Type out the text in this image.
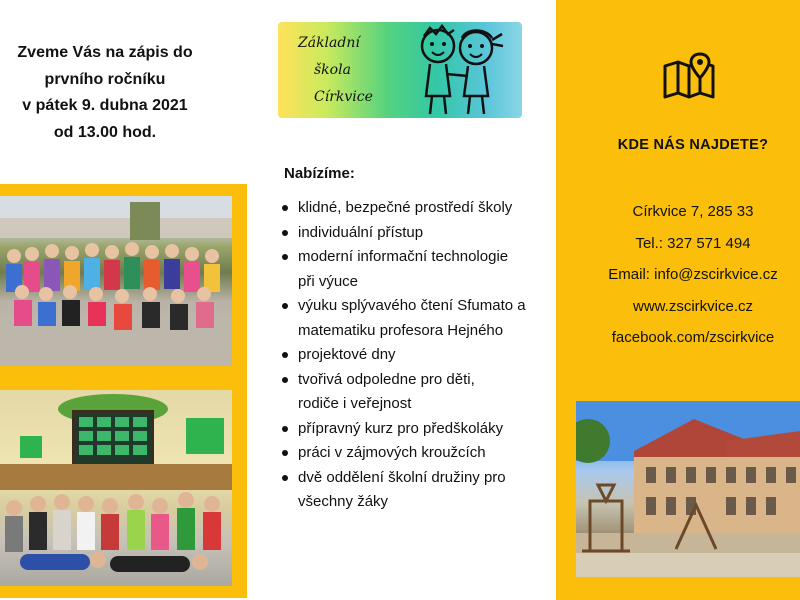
Zveme Vás na zápis do
prvního ročníku
v pátek 9. dubna 2021
od 13.00 hod.
Základní
škola
Církvice
Nabízíme:
klidné, bezpečné prostředí školy
individuální přístup
moderní informační technologie
při výuce
výuku splývavého čtení Sfumato a
matematiku profesora Hejného
projektové dny
tvořivá odpoledne pro děti,
rodiče i veřejnost
přípravný kurz pro předškoláky
práci v zájmových kroužcích
dvě oddělení školní družiny pro
všechny žáky
KDE NÁS NAJDETE?
Církvice 7, 285 33
Tel.: 327 571 494
Email: info@zscirkvice.cz
www.zscirkvice.cz
facebook.com/zscirkvice
